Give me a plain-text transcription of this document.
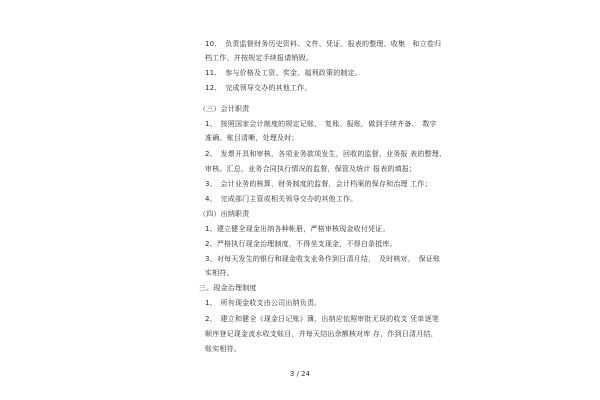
10、　负责监督财务历史资料、文件、凭证、报表的整理、收集　和立卷归
档工作，并按规定手续报请销毁。
11、　参与价格及工资、奖金、福利政策的制定。
12、　完成领导交办的其他工作。
（三）会计职责
1、　按照国家会计制度的规定记账、　复账、报账，做到手续齐备、　数字
准确、账目清晰，处理及时；
2、　发票开具和审核，各项业务款项发生，回收的监督，业务报 表的整理、
审核、汇总，业务合同执行情况的监督，保管及统计 报表的填报；
3、　会计业务的核算，财务制度的监督，会计档案的保存和治理 工作；
4、　完成部门主管或相关领导交办的其他工作。
（四）出纳职责
1、建立健全现金出纳各种帐册，严格审核现金收付凭证。
2、严格执行现金治理制度，不得坐支现金，不得白条抵库。
3、对每天发生的银行和现金收支业务作到日清月结，　及时核对，　保证账
实相符。
三、现金治理制度
1、　所有现金收支由公司出纳负责。
2、　建立和健全《现金日记账》簿，出纳应依照审批无误的收支 凭单逐笔
顺序登记现金流水收支账目，并每天结出余额核对库 存，作到日清月结，
账实相符。
3 / 24
